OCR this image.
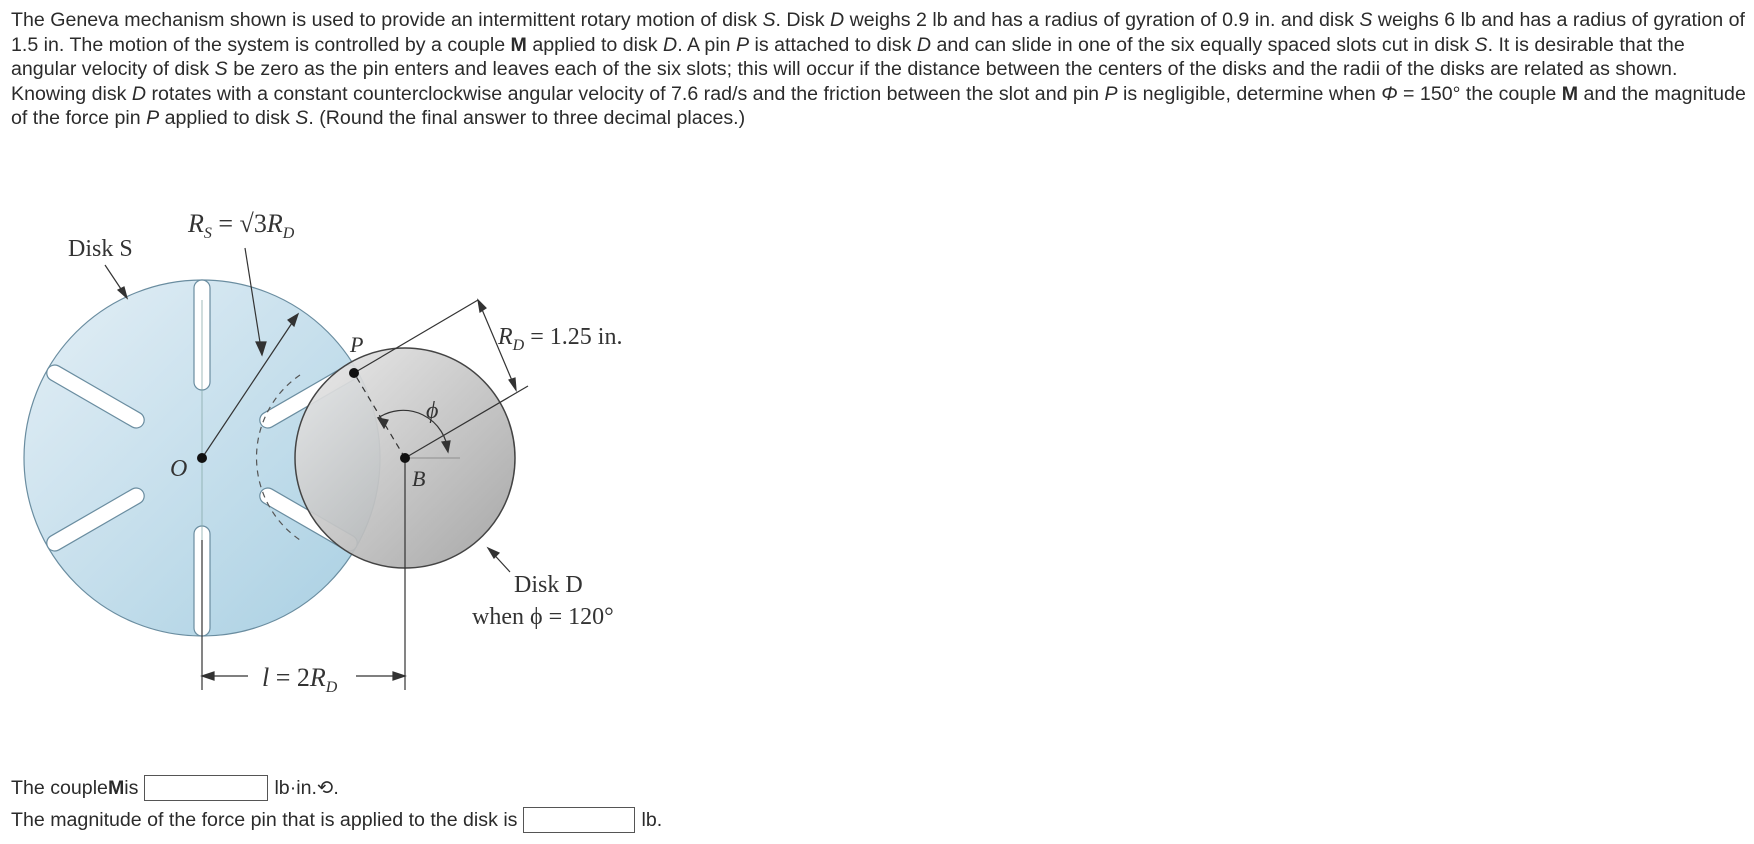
The Geneva mechanism shown is used to provide an intermittent rotary motion of disk S. Disk D weighs 2 lb and has a radius of gyration of 0.9 in. and disk S weighs 6 lb and has a radius of gyration of 1.5 in. The motion of the system is controlled by a couple M applied to disk D. A pin P is attached to disk D and can slide in one of the six equally spaced slots cut in disk S. It is desirable that the angular velocity of disk S be zero as the pin enters and leaves each of the six slots; this will occur if the distance between the centers of the disks and the radii of the disks are related as shown. Knowing disk D rotates with a constant counterclockwise angular velocity of 7.6 rad/s and the friction between the slot and pin P is negligible, determine when Φ = 150° the couple M and the magnitude of the force pin P applied to disk S. (Round the final answer to three decimal places.)

Disk S
$R_S = √3R_D$
P	$R_D = 1.25$ in.
ϕ
O	B
Disk D
when ϕ = 120°
$l = 2R_D$
The couple M is	lb·in.⟲.
The magnitude of the force pin that is applied to the disk is	lb.
